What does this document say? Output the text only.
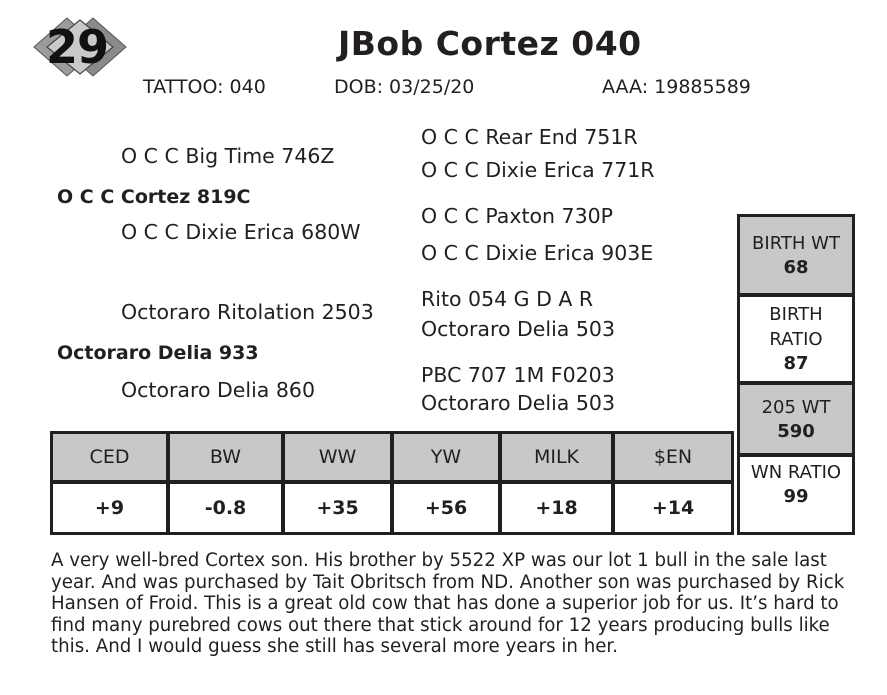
29	JBob Cortez 040
TATTOO: 040	DOB: 03/25/20	AAA: 19885589
O C C Big Time 746Z
O C C Rear End 751R
O C C Dixie Erica 771R
O C C Cortez 819C
O C C Paxton 730P
O C C Dixie Erica 680W
O C C Dixie Erica 903E
Rito 054 G D A R
Octoraro Ritolation 2503
Octoraro Delia 503
Octoraro Delia 933
PBC 707 1M F0203
Octoraro Delia 860
Octoraro Delia 503
BIRTH WT
68
BIRTH
RATIO
87
205 WT
590
WN RATIO
99
CED	BW	WW	YW	MILK	$EN
+9	-0.8	+35	+56	+18	+14
A very well-bred Cortex son. His brother by 5522 XP was our lot 1 bull in the sale last year. And was purchased by Tait Obritsch from ND. Another son was purchased by Rick Hansen of Froid. This is a great old cow that has done a superior job for us. It’s hard to find many purebred cows out there that stick around for 12 years producing bulls like this. And I would guess she still has several more years in her.
